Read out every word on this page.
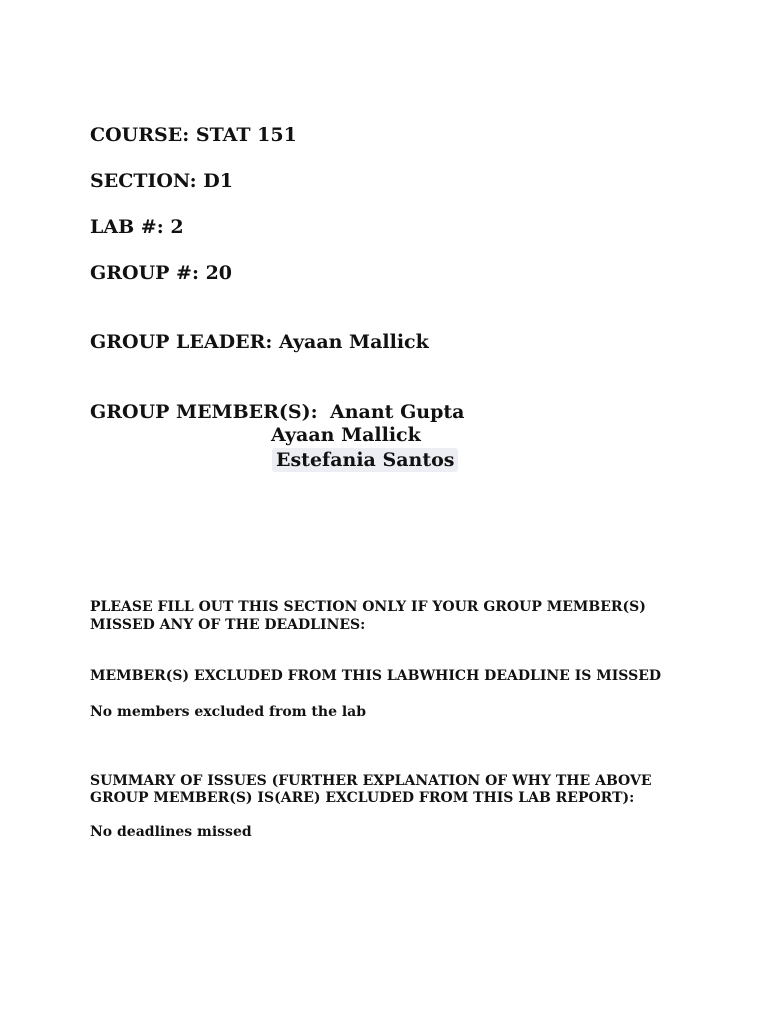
COURSE: STAT 151

SECTION: D1

LAB #: 2

GROUP #: 20

GROUP LEADER: Ayaan Mallick

GROUP MEMBER(S): Anant Gupta
Ayaan Mallick
Estefania Santos

PLEASE FILL OUT THIS SECTION ONLY IF YOUR GROUP MEMBER(S)

MISSED ANY OF THE DEADLINES:

MEMBER(S) EXCLUDED FROM THIS LABWHICH DEADLINE IS MISSED

No members excluded from the lab

SUMMARY OF ISSUES (FURTHER EXPLANATION OF WHY THE ABOVE

GROUP MEMBER(S) IS(ARE) EXCLUDED FROM THIS LAB REPORT):

No deadlines missed
